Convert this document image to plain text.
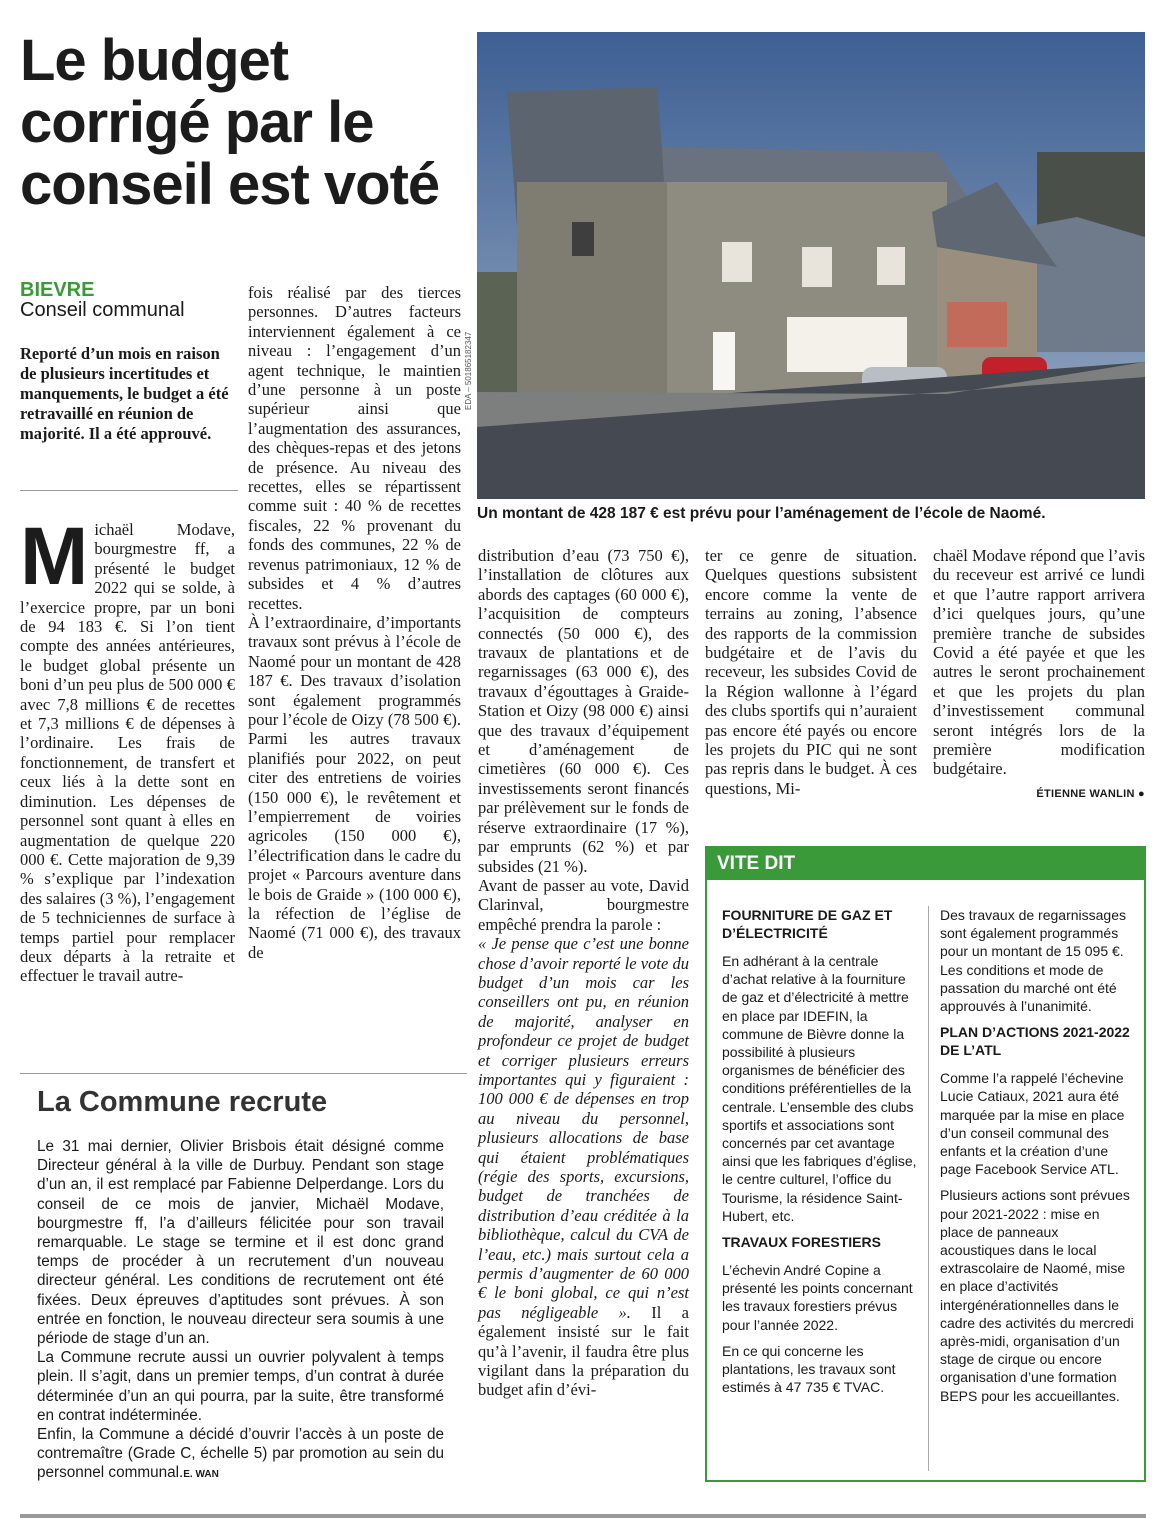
Le budget corrigé par le conseil est voté
BIEVRE
Conseil communal

Reporté d’un mois en raison de plusieurs incertitudes et manquements, le budget a été retravaillé en réunion de majorité. Il a été approuvé.

EDA – 501865182347

Un montant de 428 187 € est prévu pour l’aménagement de l’école de Naomé.

M ichaël Modave, bourgmestre ff, a présenté le budget 2022 qui se solde, à l’exercice propre, par un boni de 94 183 €. Si l’on tient compte des années antérieures, le budget global présente un boni d’un peu plus de 500 000 € avec 7,8 millions € de recettes et 7,3 millions € de dépenses à l’ordinaire. Les frais de fonctionnement, de transfert et ceux liés à la dette sont en diminution. Les dépenses de personnel sont quant à elles en augmentation de quelque 220 000 €. Cette majoration de 9,39 % s’explique par l’indexation des salaires (3 %), l’engagement de 5 techniciennes de surface à temps partiel pour remplacer deux départs à la retraite et effectuer le travail autre-

fois réalisé par des tierces personnes. D’autres facteurs interviennent également à ce niveau : l’engagement d’un agent technique, le maintien d’une personne à un poste supérieur ainsi que l’augmentation des assurances, des chèques-repas et des jetons de présence. Au niveau des recettes, elles se répartissent comme suit : 40 % de recettes fiscales, 22 % provenant du fonds des communes, 22 % de revenus patrimoniaux, 12 % de subsides et 4 % d’autres recettes.

À l’extraordinaire, d’importants travaux sont prévus à l’école de Naomé pour un montant de 428 187 €. Des travaux d’isolation sont également programmés pour l’école de Oizy (78 500 €). Parmi les autres travaux planifiés pour 2022, on peut citer des entretiens de voiries (150 000 €), le revêtement et l’empierrement de voiries agricoles (150 000 €), l’électrification dans le cadre du projet « Parcours aventure dans le bois de Graide » (100 000 €), la réfection de l’église de Naomé (71 000 €), des travaux de

distribution d’eau (73 750 €), l’installation de clôtures aux abords des captages (60 000 €), l’acquisition de compteurs connectés (50 000 €), des travaux de plantations et de regarnissages (63 000 €), des travaux d’égouttages à Graide-Station et Oizy (98 000 €) ainsi que des travaux d’équipement et d’aménagement de cimetières (60 000 €). Ces investissements seront financés par prélèvement sur le fonds de réserve extraordinaire (17 %), par emprunts (62 %) et par subsides (21 %).

Avant de passer au vote, David Clarinval, bourgmestre empêché prendra la parole :

« Je pense que c’est une bonne chose d’avoir reporté le vote du budget d’un mois car les conseillers ont pu, en réunion de majorité, analyser en profondeur ce projet de budget et corriger plusieurs erreurs importantes qui y figuraient : 100 000 € de dépenses en trop au niveau du personnel, plusieurs allocations de base qui étaient problématiques (régie des sports, excursions, budget de tranchées de distribution d’eau créditée à la bibliothèque, calcul du CVA de l’eau, etc.) mais surtout cela a permis d’augmenter de 60 000 € le boni global, ce qui n’est pas négligeable ». Il a également insisté sur le fait qu’à l’avenir, il faudra être plus vigilant dans la préparation du budget afin d’évi-

ter ce genre de situation. Quelques questions subsistent encore comme la vente de terrains au zoning, l’absence des rapports de la commission budgétaire et de l’avis du receveur, les subsides Covid de la Région wallonne à l’égard des clubs sportifs qui n’auraient pas encore été payés ou encore les projets du PIC qui ne sont pas repris dans le budget. À ces questions, Mi-

chaël Modave répond que l’avis du receveur est arrivé ce lundi et que l’autre rapport arrivera d’ici quelques jours, qu’une première tranche de subsides Covid a été payée et que les autres le seront prochainement et que les projets du plan d’investissement communal seront intégrés lors de la première modification budgétaire.

ÉTIENNE WANLIN ●
La Commune recrute

Le 31 mai dernier, Olivier Brisbois était désigné comme Directeur général à la ville de Durbuy. Pendant son stage d’un an, il est remplacé par Fabienne Delperdange. Lors du conseil de ce mois de janvier, Michaël Modave, bourgmestre ff, l’a d’ailleurs félicitée pour son travail remarquable. Le stage se termine et il est donc grand temps de procéder à un recrutement d’un nouveau directeur général. Les conditions de recrutement ont été fixées. Deux épreuves d’aptitudes sont prévues. À son entrée en fonction, le nouveau directeur sera soumis à une période de stage d’un an.

La Commune recrute aussi un ouvrier polyvalent à temps plein. Il s’agit, dans un premier temps, d’un contrat à durée déterminée d’un an qui pourra, par la suite, être transformé en contrat indéterminée.

Enfin, la Commune a décidé d’ouvrir l’accès à un poste de contremaître (Grade C, échelle 5) par promotion au sein du personnel communal.E. WAN

VITE DIT
FOURNITURE DE GAZ ET D’ÉLECTRICITÉ

En adhérant à la centrale d’achat relative à la fourniture de gaz et d’électricité à mettre en place par IDEFIN, la commune de Bièvre donne la possibilité à plusieurs organismes de bénéficier des conditions préférentielles de la centrale. L’ensemble des clubs sportifs et associations sont concernés par cet avantage ainsi que les fabriques d’église, le centre culturel, l’office du Tourisme, la résidence Saint-Hubert, etc.

TRAVAUX FORESTIERS

L’échevin André Copine a présenté les points concernant les travaux forestiers prévus pour l’année 2022.

En ce qui concerne les plantations, les travaux sont estimés à 47 735 € TVAC.

Des travaux de regarnissages sont également programmés pour un montant de 15 095 €. Les conditions et mode de passation du marché ont été approuvés à l’unanimité.

PLAN D’ACTIONS 2021-2022 DE L’ATL

Comme l’a rappelé l’échevine Lucie Catiaux, 2021 aura été marquée par la mise en place d’un conseil communal des enfants et la création d’une page Facebook Service ATL.

Plusieurs actions sont prévues pour 2021-2022 : mise en place de panneaux acoustiques dans le local extrascolaire de Naomé, mise en place d’activités intergénérationnelles dans le cadre des activités du mercredi après-midi, organisation d’un stage de cirque ou encore organisation d’une formation BEPS pour les accueillantes.
